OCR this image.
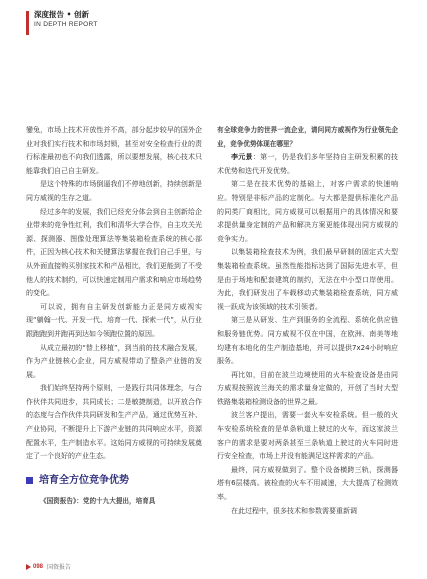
深度报告 • 创新
IN DEPTH REPORT

鑾兔，市场上技术开放性并不高，部分起步较早的国外企业对我们实行技术和市场封锁，甚至对安全检查行业的责行标准最初也不向我们透露，所以要想发展，核心技术只能靠我们自己自主研发。

是这个特殊的市场倒逼我们不停地创新，持续创新是同方威视的生存之道。

经过多年的发展，我们已经充分体会到自主创新给企业带来的竞争性红利，我们和清华大学合作，自主攻关光源、探测器、图像处理算法等集装箱检查系统的核心部件，正因为核心技术和关键算法掌握在我们自己手里，与从外面直接购买别家技术和产品相比，我们更能到了不受他人的技术制约，可以快速定制用户需求和响应市场趋势的变化。

可以说，拥有自主研发创新能力正是同方威视实现“躺翰一代、开发一代、培育一代、探索一代”，从行业跟跑跑到并跑再到达如今领跑位置的原因。

从成立最初的“替上移植”，到当前的技术融合发展，作为产业链核心企业，同方威视带动了整条产业链的发展。

我们始终坚持两个原则，一是践行共同体理念，与合作伙伴共同进步，共同成长；二是敏捷制造，以开放合作的态度与合作伙伴共同研发和生产产品，通过优势互补、产业协同，不断提升上下游产业链的共同响应水平，资源配置水平，生产制造水平。这始同方威视的可持续发展奠定了一个良好的产业生态。

培育全方位竞争优势

《国资报告》：党的十九大提出，培育具

有全球竞争力的世界一流企业，请问同方威视作为行业领先企业，竞争优势体现在哪里？

李元景：第一，仍是我们多年坚持自主研发积累的技术优势和迭代开发优势。

第二是在技术优势的基础上，对客户需求的快速响应。特别是非标产品的定制化。与大都是提供标准化产品的同类厂商相比，同方威视可以根据用户的具体情况和要求提供量身定制的产品和解决方案更能体现出同方威视的竞争实力。

以集装箱检查技术为例，我们最早研制的固定式大型集装箱检查系统。虽然性能指标达到了国际先进水平，但是由于场地和配套建筑的制约，无法在中小型口岸使用。为此，我们研发出了车载移动式集装箱检查系统，同方威视一跃成为该领域的技术引领者。

第三是从研发、生产到服务的全流程、系统化供应链和服务链优势。同方威视不仅在中国，在欧洲、南美等地均建有本地化的生产制造基地，并可以提供7x24小时响应服务。

再比如，目前在波兰边境使用的火车检查设备是由同方威视按照波兰海关的需求量身定做的，开创了当时大型铁路集装箱检测设备的世界之最。

波兰客户提出，需要一套火车安检系统。但一般的火车安检系统检查的是单条轨道上驶过的火车，而这家波兰客户的需求是要对两条甚至三条轨道上驶过的火车同时进行安全检查，市场上并没有能满足这样需求的产品。

最终，同方威视做到了。整个设备横跨三轨，探测器塔有6层楼高。被检查的火车不用减速，大大提高了检测效率。

在此过程中，很多技术和参数需要重新调

098 国资报告
